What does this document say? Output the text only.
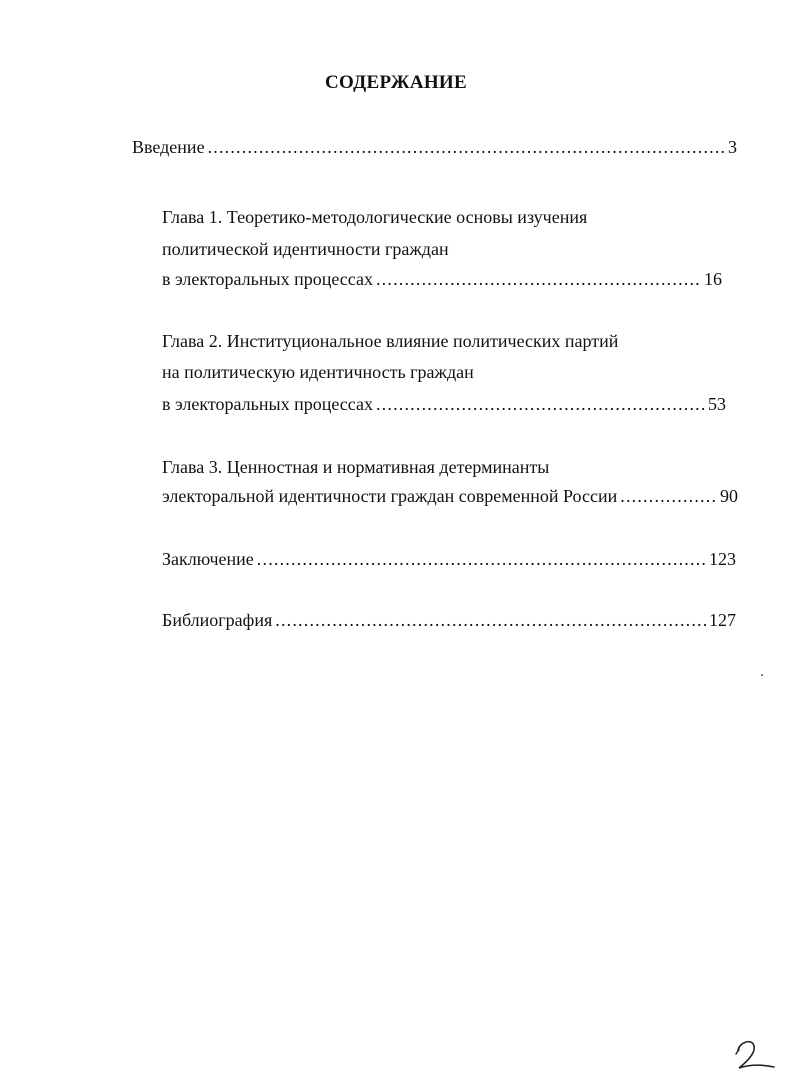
СОДЕРЖАНИЕ
Введение .....	3
Глава 1. Теоретико-методологические основы изучения
политической идентичности граждан
в электоральных процессах .....	16
Глава 2. Институциональное влияние политических партий
на политическую идентичность граждан
в электоральных процессах .....	53
Глава 3. Ценностная и нормативная детерминанты
электоральной идентичности граждан современной России .....	90
Заключение .....	123
Библиография .....	127
